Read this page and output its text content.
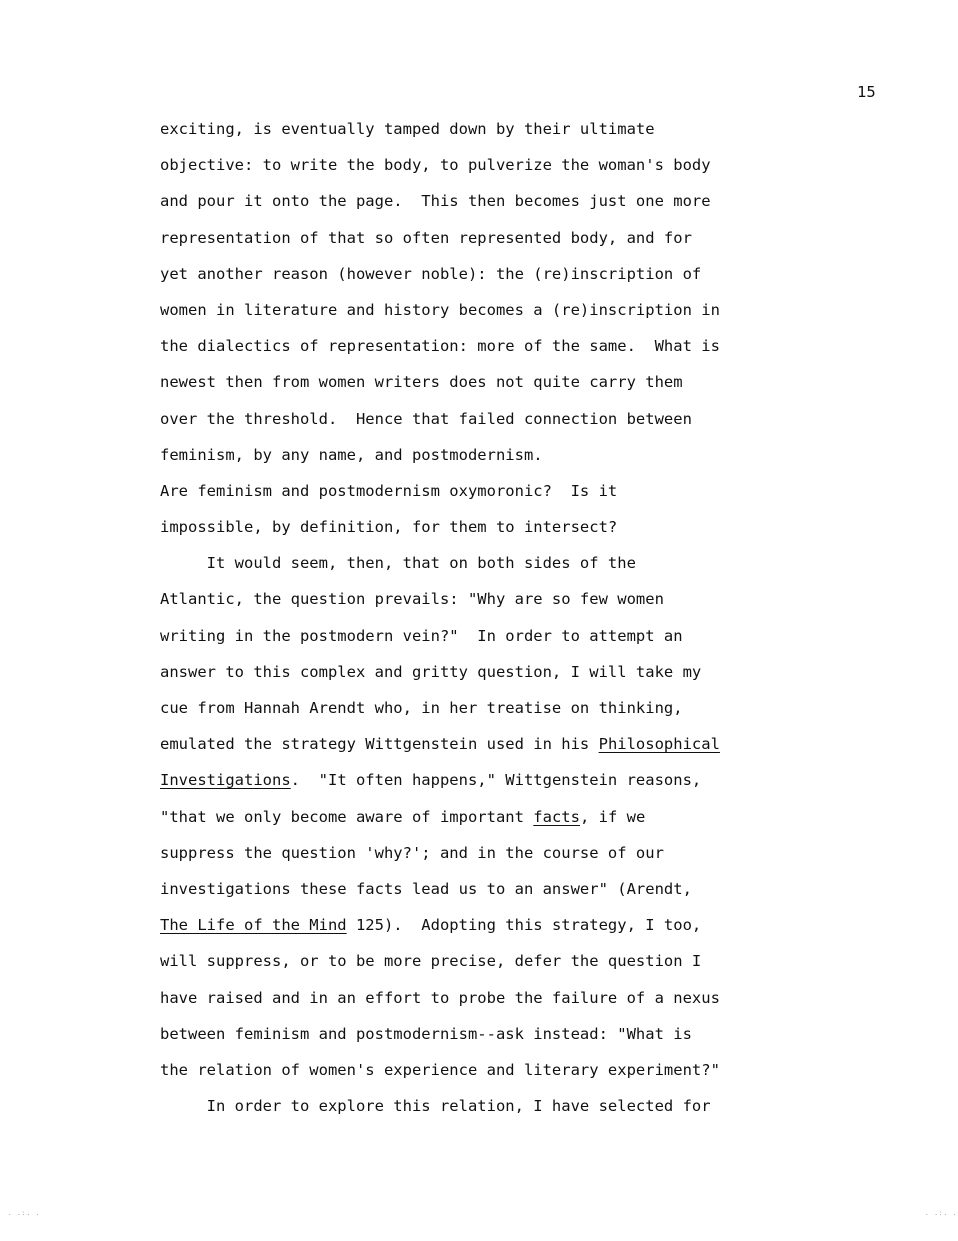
15
exciting, is eventually tamped down by their ultimate
objective: to write the body, to pulverize the woman's body
and pour it onto the page.  This then becomes just one more
representation of that so often represented body, and for
yet another reason (however noble): the (re)inscription of
women in literature and history becomes a (re)inscription in
the dialectics of representation: more of the same.  What is
newest then from women writers does not quite carry them
over the threshold.  Hence that failed connection between
feminism, by any name, and postmodernism.
Are feminism and postmodernism oxymoronic?  Is it
impossible, by definition, for them to intersect?
It would seem, then, that on both sides of the
Atlantic, the question prevails: "Why are so few women
writing in the postmodern vein?"  In order to attempt an
answer to this complex and gritty question, I will take my
cue from Hannah Arendt who, in her treatise on thinking,
emulated the strategy Wittgenstein used in his Philosophical
Investigations.  "It often happens," Wittgenstein reasons,
"that we only become aware of important facts, if we
suppress the question 'why?'; and in the course of our
investigations these facts lead us to an answer" (Arendt,
The Life of the Mind 125).  Adopting this strategy, I too,
will suppress, or to be more precise, defer the question I
have raised and in an effort to probe the failure of a nexus
between feminism and postmodernism--ask instead: "What is
the relation of women's experience and literary experiment?"
In order to explore this relation, I have selected for
. .:. .	. .:. .
